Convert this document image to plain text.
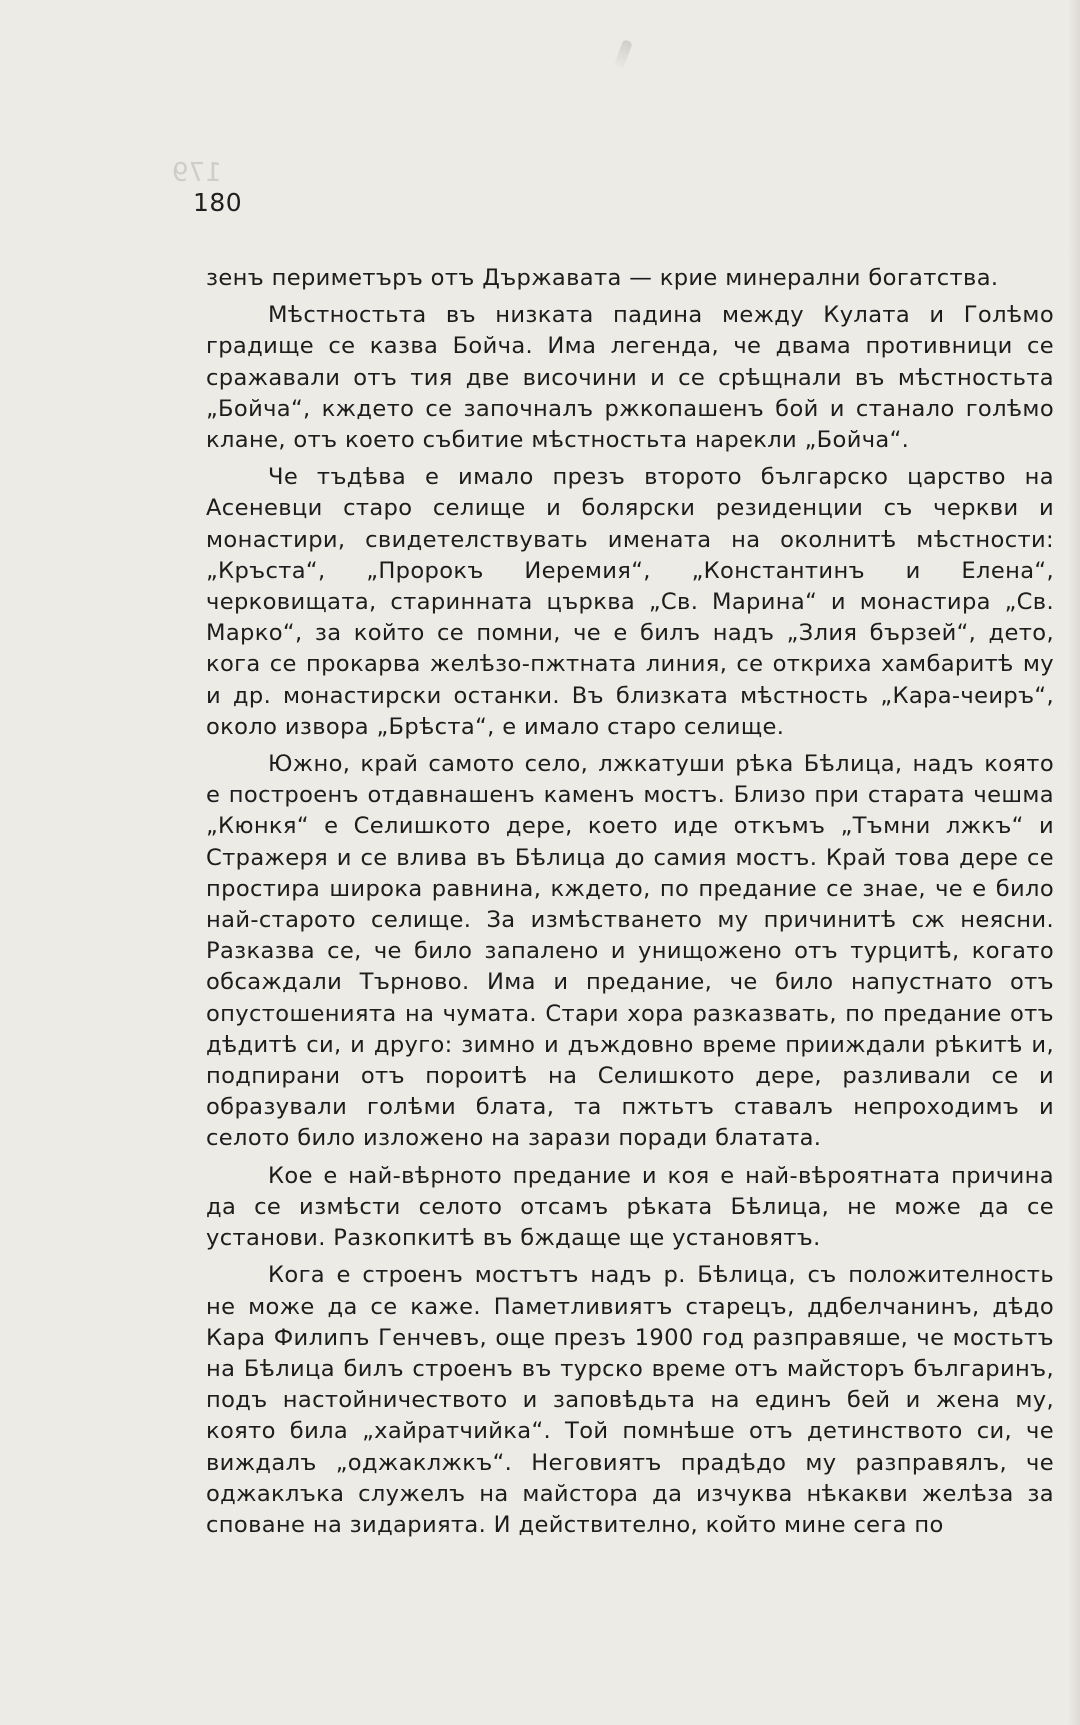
179
180

зенъ периметъръ отъ Държавата — крие минерални богатства.

Мѣстностьта въ низката падина между Кулата и Голѣмо градище се казва Бойча. Има легенда, че двама противници се сражавали отъ тия две височини и се срѣщнали въ мѣстностьта „Бойча“, кждето се започналъ ржкопашенъ бой и станало голѣмо клане, отъ което събитие мѣстностьта нарекли „Бойча“.

Че тъдѣва е имало презъ второто българско царство на Асеневци старо селище и болярски резиденции съ черкви и монастири, свидетелствувать имената на околнитѣ мѣстности: „Кръста“, „Пророкъ Иеремия“, „Константинъ и Елена“, черковищата, старинната църква „Св. Марина“ и монастира „Св. Марко“, за който се помни, че е билъ надъ „Злия бързей“, дето, кога се прокарва желѣзо-пжтната линия, се откриха хамбаритѣ му и др. монастирски останки. Въ близката мѣстность „Кара-чеиръ“, около извора „Брѣста“, е имало старо селище.

Южно, край самото село, лжкатуши рѣка Бѣлица, надъ която е построенъ отдавнашенъ каменъ мостъ. Близо при старата чешма „Кюнкя“ е Селишкото дере, което иде откъмъ „Тъмни лжкъ“ и Стражеря и се влива въ Бѣлица до самия мостъ. Край това дере се простира широка равнина, кждето, по предание се знае, че е било най-старото селище. За измѣстването му причинитѣ сж неясни. Разказва се, че било запалено и унищожено отъ турцитѣ, когато обсаждали Търново. Има и предание, че било напустнато отъ опустошенията на чумата. Стари хора разказвать, по предание отъ дѣдитѣ си, и друго: зимно и дъждовно време прииждали рѣкитѣ и, подпирани отъ пороитѣ на Селишкото дере, разливали се и образували голѣми блата, та пжтьтъ ставалъ непроходимъ и селото било изложено на зарази поради блатата.

Кое е най-вѣрното предание и коя е най-вѣроятната причина да се измѣсти селото отсамъ рѣката Бѣлица, не може да се установи. Разкопкитѣ въ бждаще ще установятъ.

Кога е строенъ мостътъ надъ р. Бѣлица, съ положителность не може да се каже. Паметливиятъ старецъ, ддбелчанинъ, дѣдо Кара Филипъ Генчевъ, още презъ 1900 год разправяше, че мостьтъ на Бѣлица билъ строенъ въ турско време отъ майсторъ българинъ, подъ настойничеството и заповѣдьта на единъ бей и жена му, която била „хайратчийка“. Той помнѣше отъ детинството си, че виждалъ „оджаклжкъ“. Неговиятъ прадѣдо му разправялъ, че оджаклъка служелъ на майстора да изчуква нѣкакви желѣза за споване на зидарията. И действително, който мине сега по
